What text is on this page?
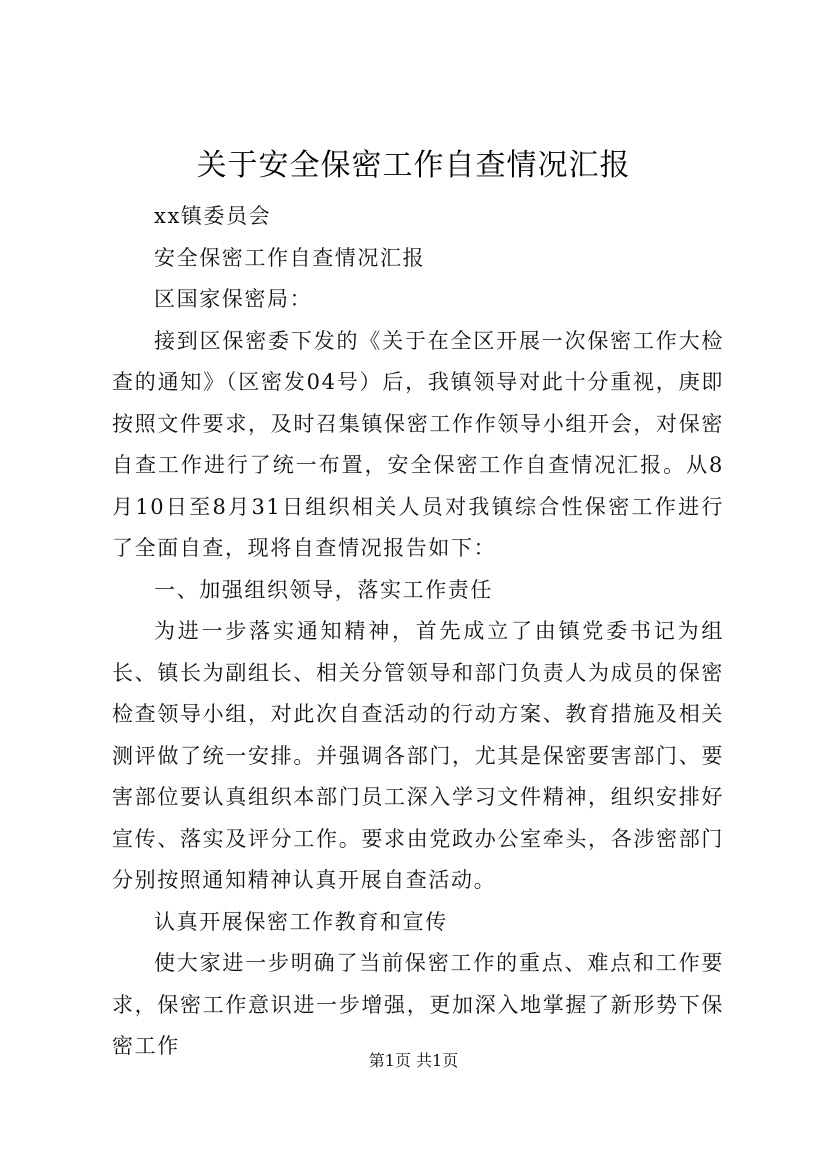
关于安全保密工作自查情况汇报

xx镇委员会

安全保密工作自查情况汇报

区国家保密局：

接到区保密委下发的《关于在全区开展一次保密工作大检查的通知》（区密发04号）后，我镇领导对此十分重视，庚即按照文件要求，及时召集镇保密工作作领导小组开会，对保密自查工作进行了统一布置，安全保密工作自查情况汇报。从8月10日至8月31日组织相关人员对我镇综合性保密工作进行了全面自查，现将自查情况报告如下：

一、加强组织领导，落实工作责任

为进一步落实通知精神，首先成立了由镇党委书记为组长、镇长为副组长、相关分管领导和部门负责人为成员的保密检查领导小组，对此次自查活动的行动方案、教育措施及相关测评做了统一安排。并强调各部门，尤其是保密要害部门、要害部位要认真组织本部门员工深入学习文件精神，组织安排好宣传、落实及评分工作。要求由党政办公室牵头，各涉密部门分别按照通知精神认真开展自查活动。

认真开展保密工作教育和宣传

使大家进一步明确了当前保密工作的重点、难点和工作要求，保密工作意识进一步增强，更加深入地掌握了新形势下保密工作

第1页 共1页
